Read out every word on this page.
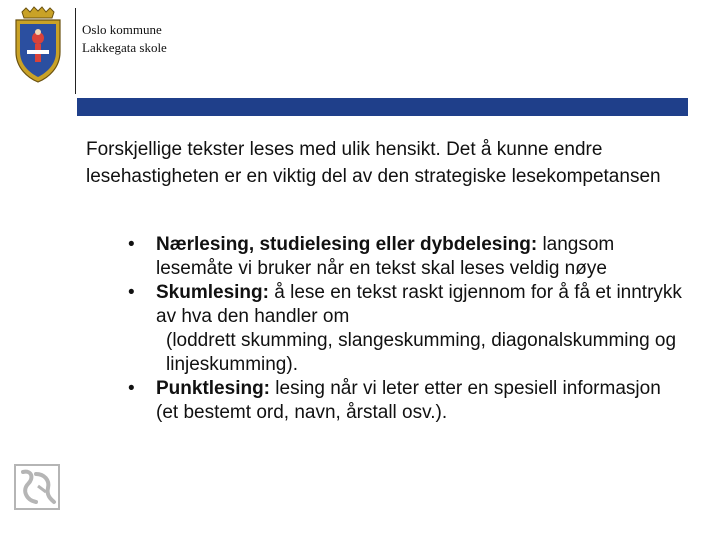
Oslo kommune
Lakkegata skole
Forskjellige tekster leses med ulik hensikt. Det å kunne endre lesehastigheten er en viktig del av den strategiske lesekompetansen
• Nærlesing, studielesing eller dybdelesing: langsom lesemåte vi bruker når en tekst skal leses veldig nøye
• Skumlesing: å lese en tekst raskt igjennom for å få et inntrykk av hva den handler om
(loddrett skumming, slangeskumming, diagonalskumming og linjeskumming).
• Punktlesing: lesing når vi leter etter en spesiell informasjon (et bestemt ord, navn, årstall osv.).
